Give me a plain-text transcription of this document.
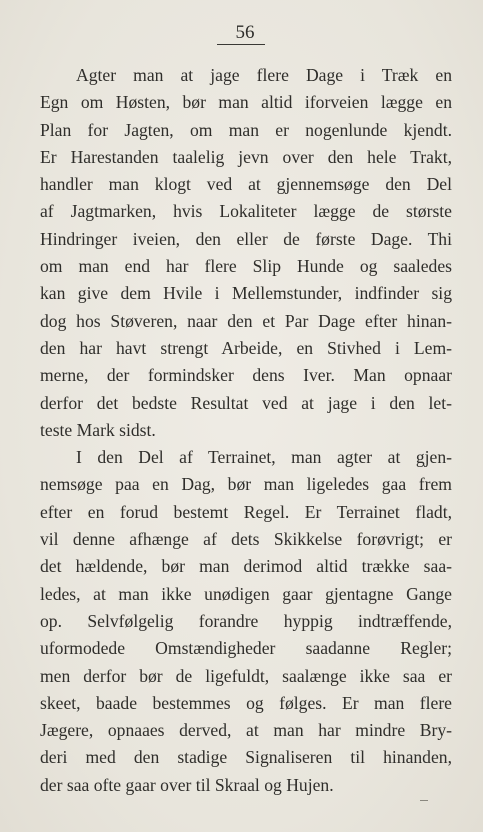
56
Agter man at jage flere Dage i Træk en
Egn om Høsten, bør man altid iforveien lægge en
Plan for Jagten, om man er nogenlunde kjendt.
Er Harestanden taalelig jevn over den hele Trakt,
handler man klogt ved at gjennemsøge den Del
af Jagtmarken, hvis Lokaliteter lægge de største
Hindringer iveien, den eller de første Dage. Thi
om man end har flere Slip Hunde og saaledes
kan give dem Hvile i Mellemstunder, indfinder sig
dog hos Støveren, naar den et Par Dage efter hinan-
den har havt strengt Arbeide, en Stivhed i Lem-
merne, der formindsker dens Iver. Man opnaar
derfor det bedste Resultat ved at jage i den let-
teste Mark sidst.
I den Del af Terrainet, man agter at gjen-
nemsøge paa en Dag, bør man ligeledes gaa frem
efter en forud bestemt Regel. Er Terrainet fladt,
vil denne afhænge af dets Skikkelse forøvrigt; er
det hældende, bør man derimod altid trække saa-
ledes, at man ikke unødigen gaar gjentagne Gange
op. Selvfølgelig forandre hyppig indtræffende,
uformodede Omstændigheder saadanne Regler;
men derfor bør de ligefuldt, saalænge ikke saa er
skeet, baade bestemmes og følges. Er man flere
Jægere, opnaaes derved, at man har mindre Bry-
deri med den stadige Signaliseren til hinanden,
der saa ofte gaar over til Skraal og Hujen.
